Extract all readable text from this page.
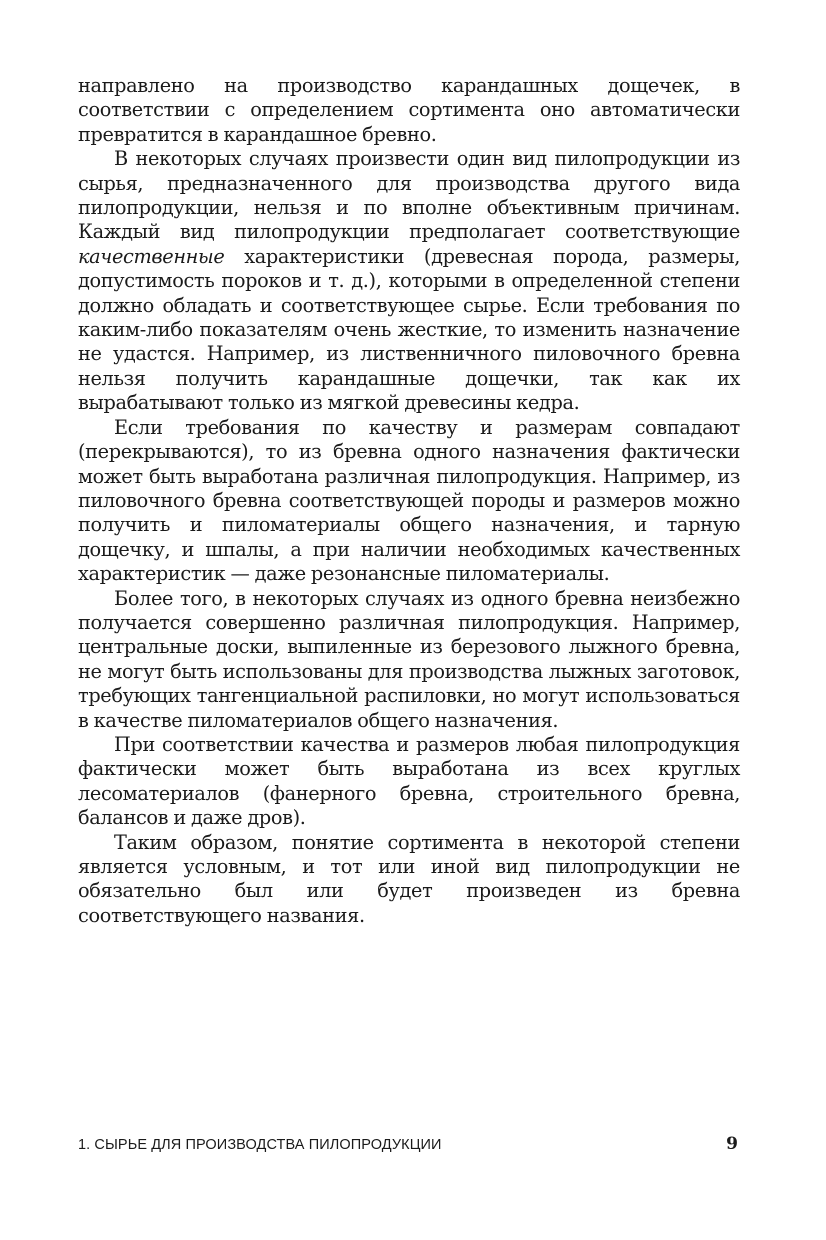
направлено на производство карандашных дощечек, в соответствии с определением сортимента оно автоматически превратится в карандашное бревно.

В некоторых случаях произвести один вид пилопродукции из сырья, предназначенного для производства другого вида пилопродукции, нельзя и по вполне объективным причинам. Каждый вид пилопродукции предполагает соответствующие качественные характеристики (древесная порода, размеры, допустимость пороков и т. д.), которыми в определенной степени должно обладать и соответствующее сырье. Если требования по каким-либо показателям очень жесткие, то изменить назначение не удастся. Например, из лиственничного пиловочного бревна нельзя получить карандашные дощечки, так как их вырабатывают только из мягкой древесины кедра.

Если требования по качеству и размерам совпадают (перекрываются), то из бревна одного назначения фактически может быть выработана различная пилопродукция. Например, из пиловочного бревна соответствующей породы и размеров можно получить и пиломатериалы общего назначения, и тарную дощечку, и шпалы, а при наличии необходимых качественных характеристик — даже резонансные пиломатериалы.

Более того, в некоторых случаях из одного бревна неизбежно получается совершенно различная пилопродукция. Например, центральные доски, выпиленные из березового лыжного бревна, не могут быть использованы для производства лыжных заготовок, требующих тангенциальной распиловки, но могут использоваться в качестве пиломатериалов общего назначения.

При соответствии качества и размеров любая пилопродукция фактически может быть выработана из всех круглых лесоматериалов (фанерного бревна, строительного бревна, балансов и даже дров).

Таким образом, понятие сортимента в некоторой степени является условным, и тот или иной вид пилопродукции не обязательно был или будет произведен из бревна соответствующего названия.

1. СЫРЬЕ ДЛЯ ПРОИЗВОДСТВА ПИЛОПРОДУКЦИИ	9
